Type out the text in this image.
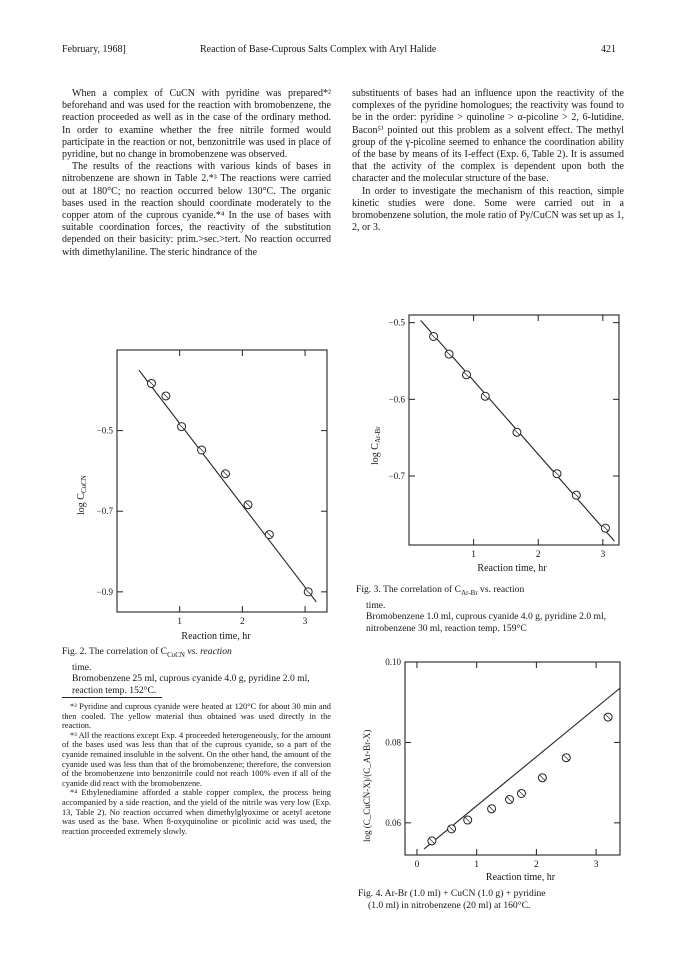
February, 1968]	Reaction of Base-Cuprous Salts Complex with Aryl Halide	421

When a complex of CuCN with pyridine was prepared*² beforehand and was used for the reaction with bromobenzene, the reaction proceeded as well as in the case of the ordinary method. In order to examine whether the free nitrile formed would participate in the reaction or not, benzonitrile was used in place of pyridine, but no change in bromobenzene was observed.

The results of the reactions with various kinds of bases in nitrobenzene are shown in Table 2.*³ The reactions were carried out at 180°C; no reaction occurred below 130°C. The organic bases used in the reaction should coordinate moderately to the copper atom of the cuprous cyanide.*⁴ In the use of bases with suitable coordination forces, the reactivity of the substitution depended on their basicity: prim.>sec.>tert. No reaction occurred with dimethylaniline. The steric hindrance of the

substituents of bases had an influence upon the reactivity of the complexes of the pyridine homologues; the reactivity was found to be in the order: pyridine > quinoline > α-picoline > 2, 6-lutidine. Bacon⁵⁾ pointed out this problem as a solvent effect. The methyl group of the γ-picoline seemed to enhance the coordination ability of the base by means of its I-effect (Exp. 6, Table 2). It is assumed that the activity of the complex is dependent upon both the character and the molecular structure of the base.

In order to investigate the mechanism of this reaction, simple kinetic studies were done. Some were carried out in a bromobenzene solution, the mole ratio of Py/CuCN was set up as 1, 2, or 3.

1	2	3
−0.5
−0.7
−0.9
$\log C_{CuCN}$
Reaction time, hr
Fig. 2. The correlation of $C_{CuCN}$ vs. reaction
time.
Bromobenzene 25 ml, cuprous cyanide 4.0 g, pyridine 2.0 ml, reaction temp. 152°C.

*² Pyridine and cuprous cyanide were heated at 120°C for about 30 min and then cooled. The yellow material thus obtained was used directly in the reaction.

*³ All the reactions except Exp. 4 proceeded heterogeneously, for the amount of the bases used was less than that of the cuprous cyanide, so a part of the cyanide remained insoluble in the solvent. On the other hand, the amount of the cyanide used was less than that of the bromobenzene; therefore, the conversion of the bromobenzene into benzonitrile could not reach 100% even if all of the cyanide did react with the bromobenzene.

*⁴ Ethylenediamine afforded a stable copper complex, the process being accompanied by a side reaction, and the yield of the nitrile was very low (Exp. 13, Table 2). No reaction occurred when dimethylglyoxime or acetyl acetone was used as the base. When 8-oxyquinoline or picolinic acid was used, the reaction proceeded extremely slowly.

1	2	3
−0.5
−0.6
−0.7
$\log C_{Ar-Br}$
Reaction time, hr
Fig. 3. The correlation of $C_{Ar-Br}$ vs. reaction
time.
Bromobenzene 1.0 ml, cuprous cyanide 4.0 g, pyridine 2.0 ml, nitrobenzene 30 ml, reaction temp. 159°C
0	1	2	3
0.06
0.08
0.10
log (C_CuCN-X)/(C_Ar-Br-X)
Reaction time, hr
Fig. 4. Ar-Br (1.0 ml) + CuCN (1.0 g) + pyridine
(1.0 ml) in nitrobenzene (20 ml) at 160°C.
